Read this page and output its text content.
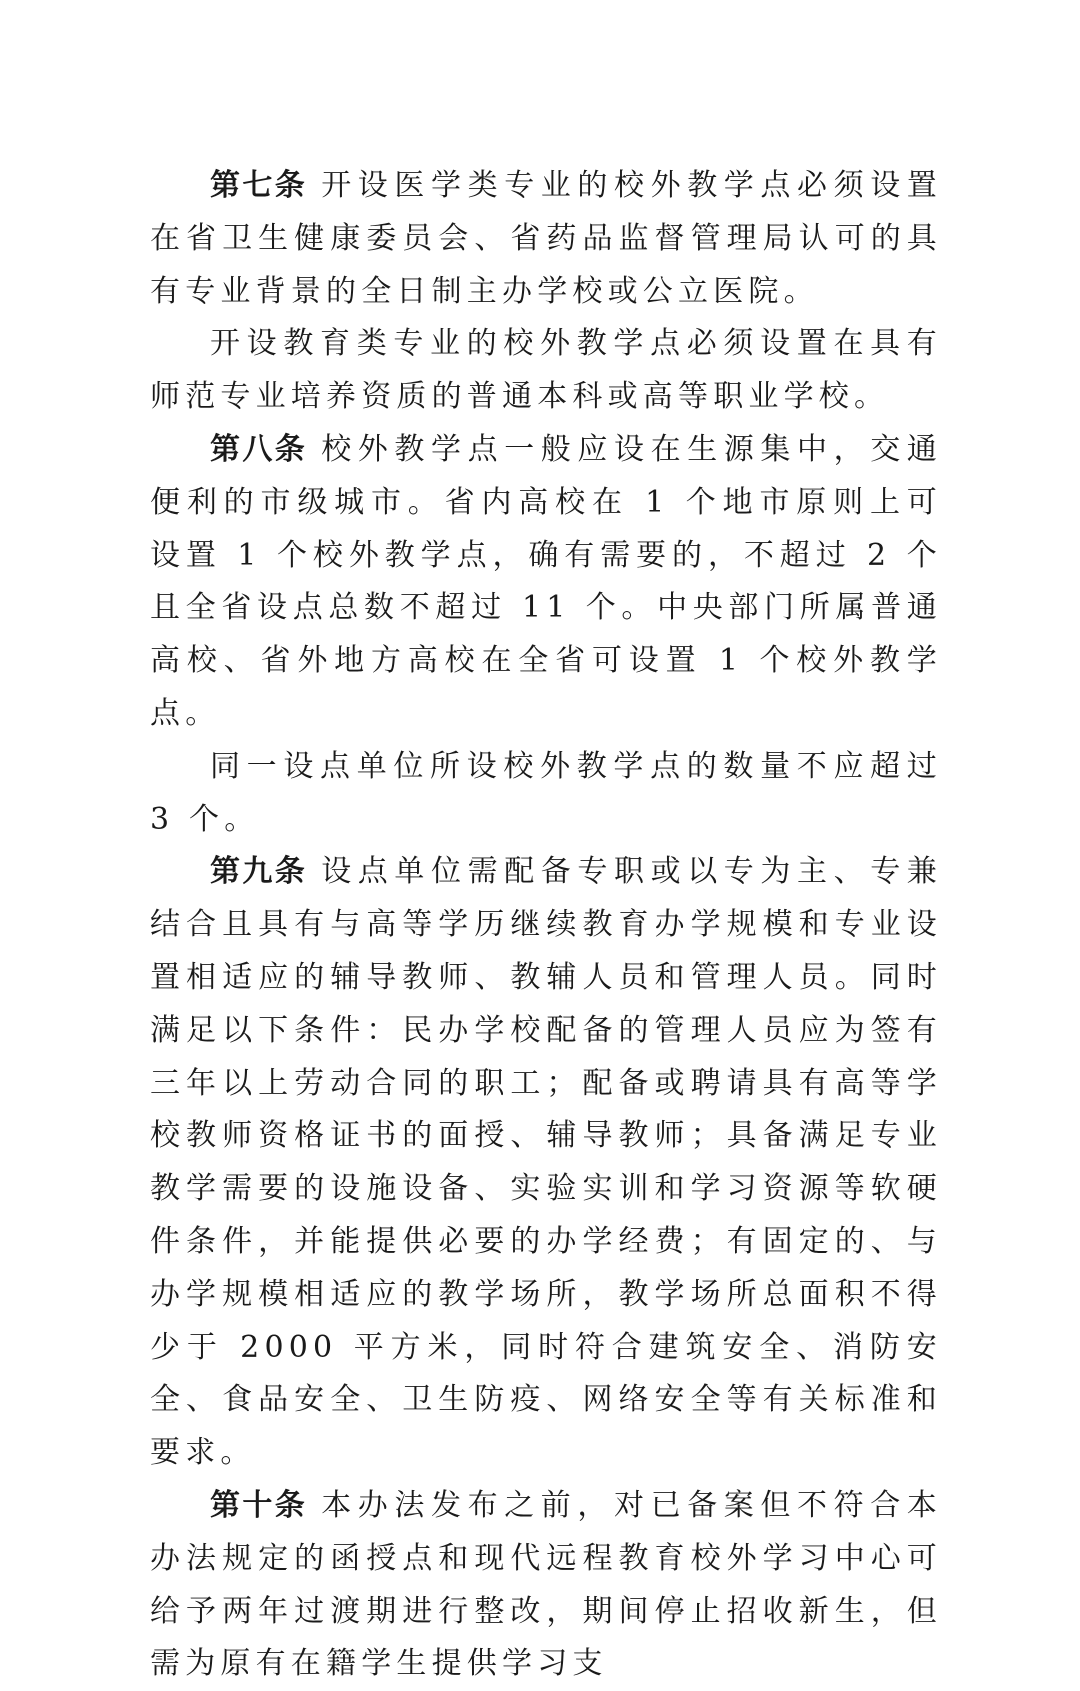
第七条 开设医学类专业的校外教学点必须设置在省卫生健康委员会、省药品监督管理局认可的具有专业背景的全日制主办学校或公立医院。

开设教育类专业的校外教学点必须设置在具有师范专业培养资质的普通本科或高等职业学校。

第八条 校外教学点一般应设在生源集中，交通便利的市级城市。省内高校在 1 个地市原则上可设置 1 个校外教学点，确有需要的，不超过 2 个且全省设点总数不超过 11 个。中央部门所属普通高校、省外地方高校在全省可设置 1 个校外教学点。

同一设点单位所设校外教学点的数量不应超过 3 个。

第九条 设点单位需配备专职或以专为主、专兼结合且具有与高等学历继续教育办学规模和专业设置相适应的辅导教师、教辅人员和管理人员。同时满足以下条件：民办学校配备的管理人员应为签有三年以上劳动合同的职工；配备或聘请具有高等学校教师资格证书的面授、辅导教师；具备满足专业教学需要的设施设备、实验实训和学习资源等软硬件条件，并能提供必要的办学经费；有固定的、与办学规模相适应的教学场所，教学场所总面积不得少于 2000 平方米，同时符合建筑安全、消防安全、食品安全、卫生防疫、网络安全等有关标准和要求。

第十条 本办法发布之前，对已备案但不符合本办法规定的函授点和现代远程教育校外学习中心可给予两年过渡期进行整改，期间停止招收新生，但需为原有在籍学生提供学习支
